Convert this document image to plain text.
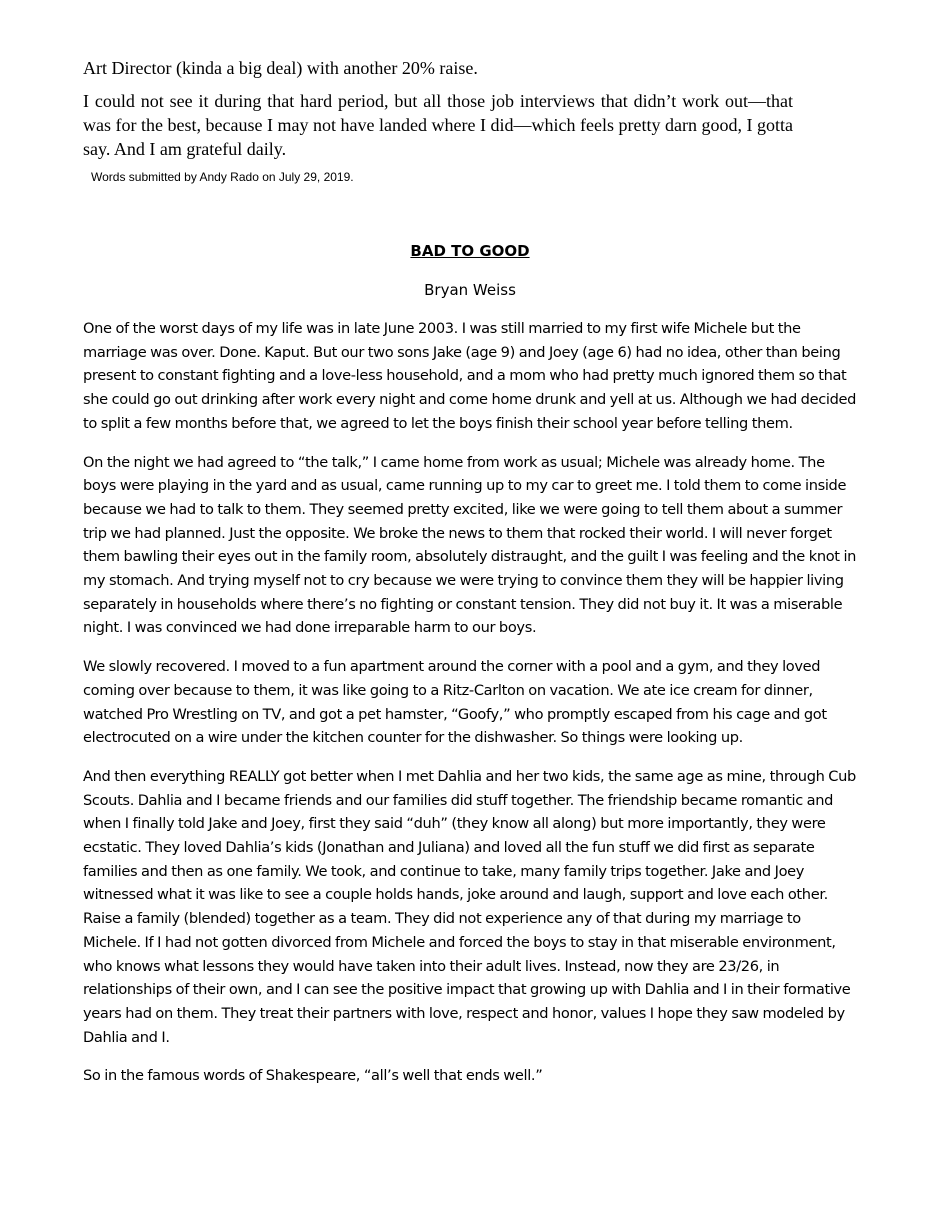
Art Director (kinda a big deal) with another 20% raise.

I could not see it during that hard period, but all those job interviews that didn’t work out—that was for the best, because I may not have landed where I did—which feels pretty darn good, I gotta say. And I am grateful daily.

Words submitted by Andy Rado on July 29, 2019.

BAD TO GOOD

Bryan Weiss

One of the worst days of my life was in late June 2003. I was still married to my first wife Michele but the marriage was over. Done. Kaput. But our two sons Jake (age 9) and Joey (age 6) had no idea, other than being present to constant fighting and a love-less household, and a mom who had pretty much ignored them so that she could go out drinking after work every night and come home drunk and yell at us. Although we had decided to split a few months before that, we agreed to let the boys finish their school year before telling them.

On the night we had agreed to “the talk,” I came home from work as usual; Michele was already home. The boys were playing in the yard and as usual, came running up to my car to greet me. I told them to come inside because we had to talk to them. They seemed pretty excited, like we were going to tell them about a summer trip we had planned. Just the opposite. We broke the news to them that rocked their world. I will never forget them bawling their eyes out in the family room, absolutely distraught, and the guilt I was feeling and the knot in my stomach. And trying myself not to cry because we were trying to convince them they will be happier living separately in households where there’s no fighting or constant tension. They did not buy it. It was a miserable night. I was convinced we had done irreparable harm to our boys.

We slowly recovered. I moved to a fun apartment around the corner with a pool and a gym, and they loved coming over because to them, it was like going to a Ritz-Carlton on vacation. We ate ice cream for dinner, watched Pro Wrestling on TV, and got a pet hamster, “Goofy,” who promptly escaped from his cage and got electrocuted on a wire under the kitchen counter for the dishwasher. So things were looking up.

And then everything REALLY got better when I met Dahlia and her two kids, the same age as mine, through Cub Scouts. Dahlia and I became friends and our families did stuff together. The friendship became romantic and when I finally told Jake and Joey, first they said “duh” (they know all along) but more importantly, they were ecstatic. They loved Dahlia’s kids (Jonathan and Juliana) and loved all the fun stuff we did first as separate families and then as one family. We took, and continue to take, many family trips together. Jake and Joey witnessed what it was like to see a couple holds hands, joke around and laugh, support and love each other. Raise a family (blended) together as a team. They did not experience any of that during my marriage to Michele. If I had not gotten divorced from Michele and forced the boys to stay in that miserable environment, who knows what lessons they would have taken into their adult lives. Instead, now they are 23/26, in relationships of their own, and I can see the positive impact that growing up with Dahlia and I in their formative years had on them. They treat their partners with love, respect and honor, values I hope they saw modeled by Dahlia and I.

So in the famous words of Shakespeare, “all’s well that ends well.”
